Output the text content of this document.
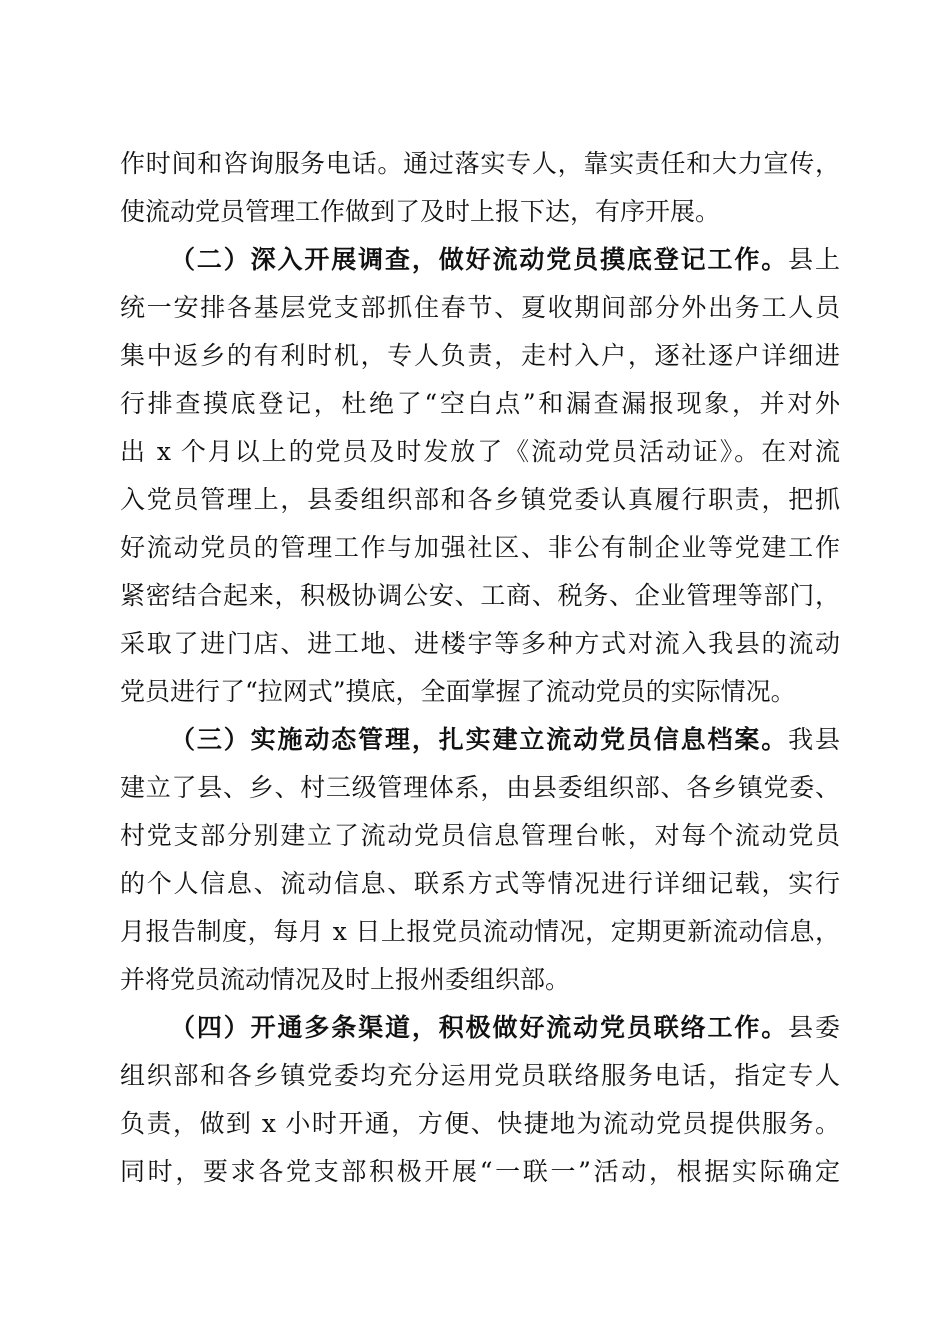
作时间和咨询服务电话。通过落实专人，靠实责任和大力宣传，
使流动党员管理工作做到了及时上报下达，有序开展。
（二）深入开展调查，做好流动党员摸底登记工作。县上
统一安排各基层党支部抓住春节、夏收期间部分外出务工人员
集中返乡的有利时机，专人负责，走村入户，逐社逐户详细进
行排查摸底登记，杜绝了“空白点”和漏查漏报现象，并对外
出 x 个月以上的党员及时发放了《流动党员活动证》。在对流
入党员管理上，县委组织部和各乡镇党委认真履行职责，把抓
好流动党员的管理工作与加强社区、非公有制企业等党建工作
紧密结合起来，积极协调公安、工商、税务、企业管理等部门，
采取了进门店、进工地、进楼宇等多种方式对流入我县的流动
党员进行了“拉网式”摸底，全面掌握了流动党员的实际情况。
（三）实施动态管理，扎实建立流动党员信息档案。我县
建立了县、乡、村三级管理体系，由县委组织部、各乡镇党委、
村党支部分别建立了流动党员信息管理台帐，对每个流动党员
的个人信息、流动信息、联系方式等情况进行详细记载，实行
月报告制度，每月 x 日上报党员流动情况，定期更新流动信息，
并将党员流动情况及时上报州委组织部。
（四）开通多条渠道，积极做好流动党员联络工作。县委
组织部和各乡镇党委均充分运用党员联络服务电话，指定专人
负责，做到 x 小时开通，方便、快捷地为流动党员提供服务。
同时，要求各党支部积极开展“一联一”活动，根据实际确定
